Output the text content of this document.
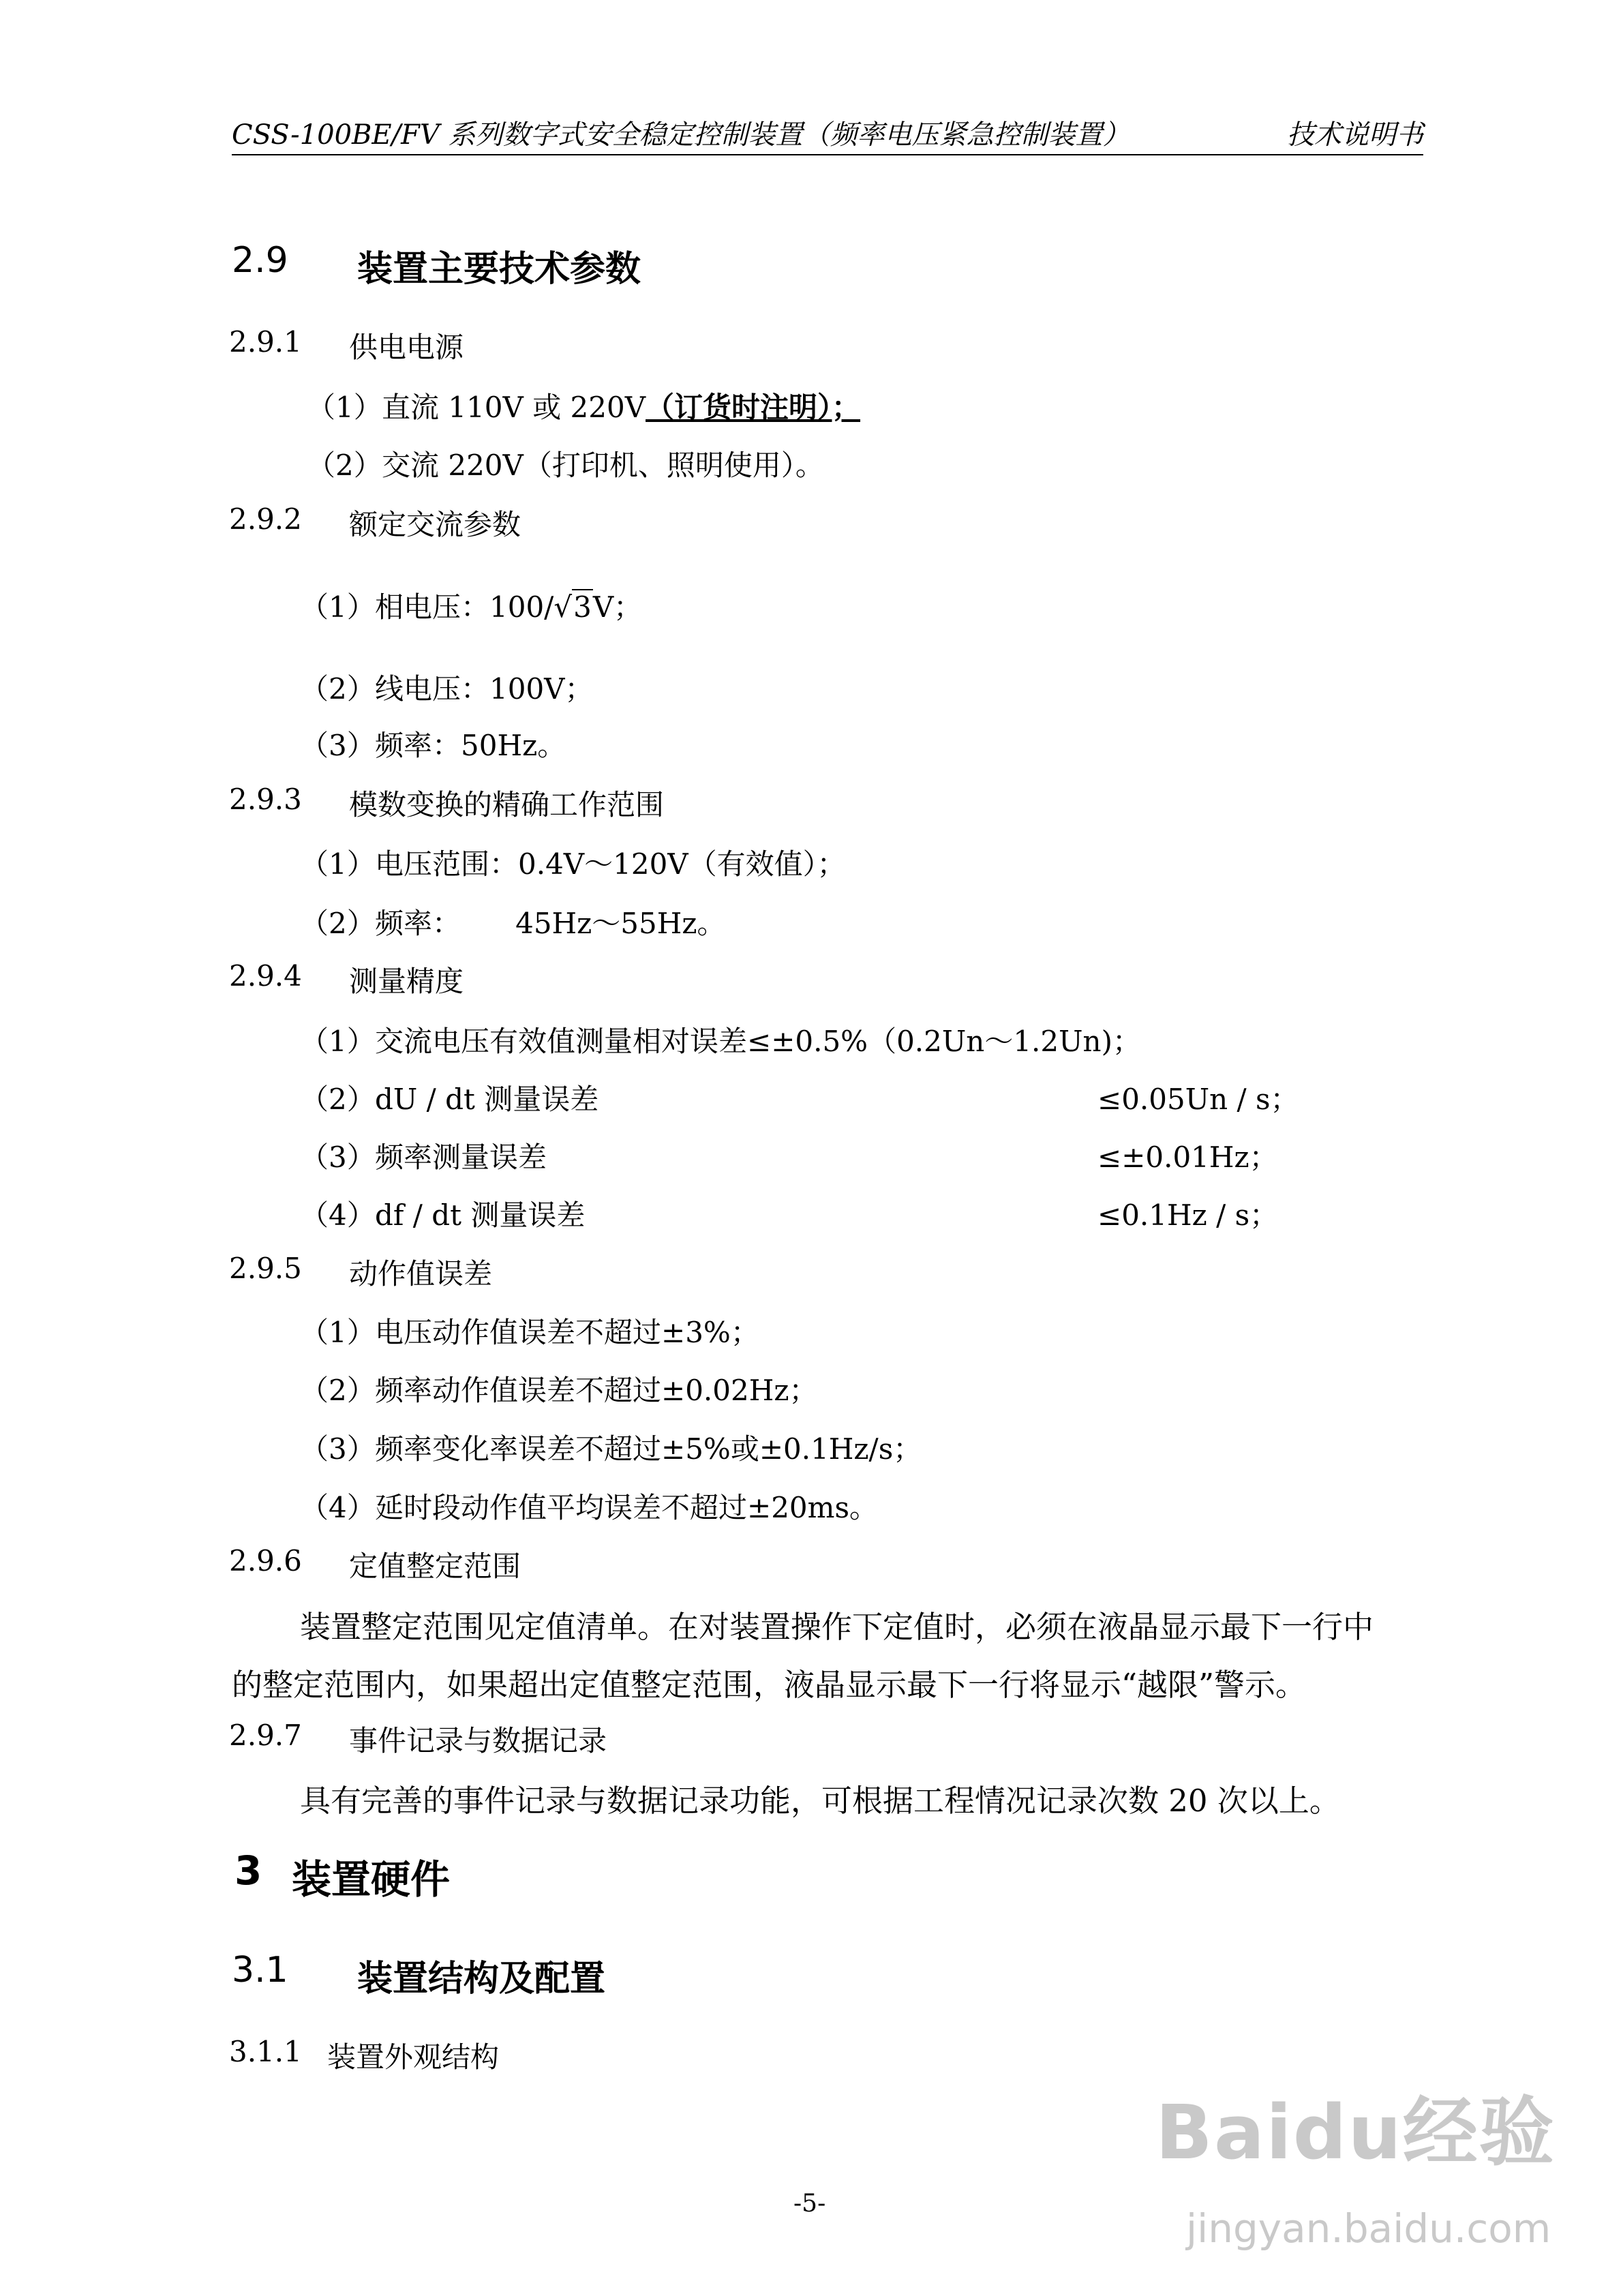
CSS-100BE/FV 系列数字式安全稳定控制装置（频率电压紧急控制装置）	技术说明书
2.9 装置主要技术参数
2.9.1 供电电源
（1）直流 110V 或 220V（订货时注明）；
（2）交流 220V（打印机、照明使用）。
2.9.2 额定交流参数
（1）相电压：100/√3V；
（2）线电压：100V；
（3）频率：50Hz。
2.9.3 模数变换的精确工作范围
（1）电压范围：0.4V～120V（有效值）；
（2）频率：      45Hz～55Hz。
2.9.4 测量精度
（1）交流电压有效值测量相对误差≤±0.5%（0.2Un～1.2Un)；
（2）dU / dt 测量误差	≤0.05Un / s；
（3）频率测量误差	≤±0.01Hz；
（4）df / dt 测量误差	≤0.1Hz / s；
2.9.5 动作值误差
（1）电压动作值误差不超过±3%；
（2）频率动作值误差不超过±0.02Hz；
（3）频率变化率误差不超过±5%或±0.1Hz/s；
（4）延时段动作值平均误差不超过±20ms。
2.9.6 定值整定范围
装置整定范围见定值清单。在对装置操作下定值时，必须在液晶显示最下一行中
的整定范围内，如果超出定值整定范围，液晶显示最下一行将显示“越限”警示。
2.9.7 事件记录与数据记录
具有完善的事件记录与数据记录功能，可根据工程情况记录次数 20 次以上。
3 装置硬件
3.1 装置结构及配置
3.1.1 装置外观结构
-5-
Baidu经验
jingyan.baidu.com
